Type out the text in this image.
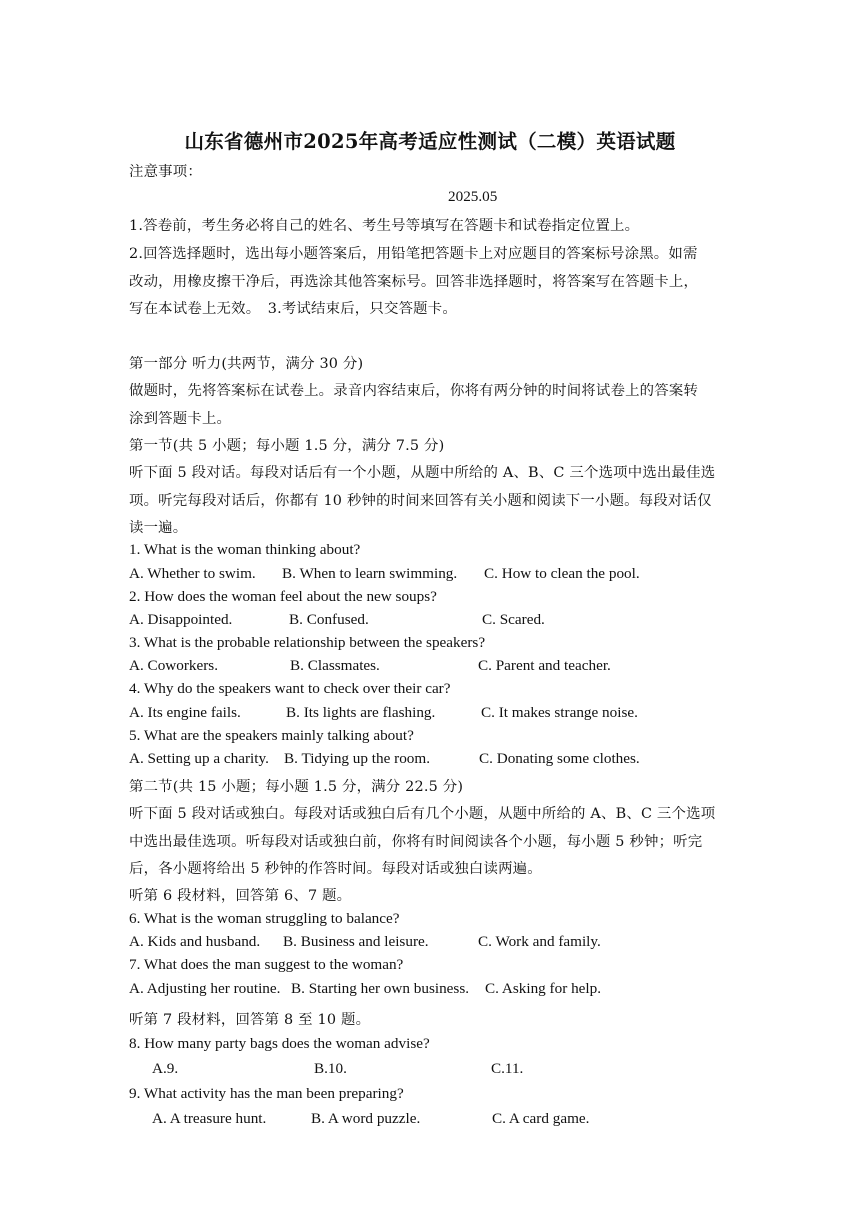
山东省德州市2025年高考适应性测试（二模）英语试题
注意事项：
2025.05
1.答卷前，考生务必将自己的姓名、考生号等填写在答题卡和试卷指定位置上。
2.回答选择题时，选出每小题答案后，用铅笔把答题卡上对应题目的答案标号涂黑。如需
改动，用橡皮擦干净后，再选涂其他答案标号。回答非选择题时，将答案写在答题卡上，
写在本试卷上无效。　3.考试结束后，只交答题卡。
第一部分 听力(共两节，满分 30 分)
做题时，先将答案标在试卷上。录音内容结束后，你将有两分钟的时间将试卷上的答案转
涂到答题卡上。
第一节(共 5 小题；每小题 1.5 分，满分 7.5 分)
听下面 5 段对话。每段对话后有一个小题，从题中所给的 A、B、C 三个选项中选出最佳选
项。听完每段对话后，你都有 10 秒钟的时间来回答有关小题和阅读下一小题。每段对话仅
读一遍。
1. What is the woman thinking about?
A. Whether to swim. B. When to learn swimming. C. How to clean the pool.
2. How does the woman feel about the new soups?
A. Disappointed.	B. Confused.	C. Scared.
3. What is the probable relationship between the speakers?
A. Coworkers.	B. Classmates.	C. Parent and teacher.
4. Why do the speakers want to check over their car?
A. Its engine fails.	B. Its lights are flashing.	C. It makes strange noise.
5. What are the speakers mainly talking about?
A. Setting up a charity. B. Tidying up the room.	C. Donating some clothes.
第二节(共 15 小题；每小题 1.5 分，满分 22.5 分)
听下面 5 段对话或独白。每段对话或独白后有几个小题，从题中所给的 A、B、C 三个选项
中选出最佳选项。听每段对话或独白前，你将有时间阅读各个小题，每小题 5 秒钟；听完
后，各小题将给出 5 秒钟的作答时间。每段对话或独白读两遍。
听第 6 段材料，回答第 6、7 题。
6. What is the woman struggling to balance?
A. Kids and husband. B. Business and leisure.	C. Work and family.
7. What does the man suggest to the woman?
A. Adjusting her routine. B. Starting her own business. C. Asking for help.
听第 7 段材料，回答第 8 至 10 题。
8. How many party bags does the woman advise?
A.9.	B.10.	C.11.
9. What activity has the man been preparing?
A. A treasure hunt.	B. A word puzzle.	C. A card game.
